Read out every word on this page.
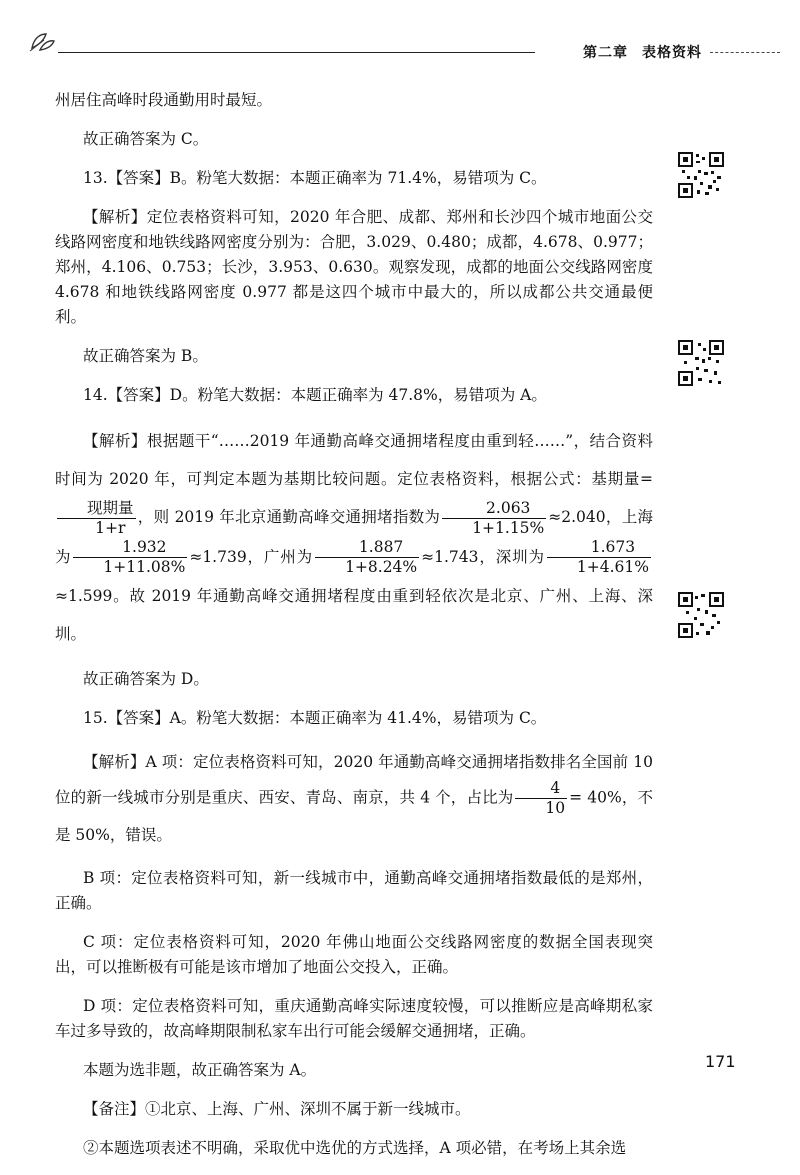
第二章 表格资料

州居住高峰时段通勤用时最短。

故正确答案为 C。

13.【答案】B。粉笔大数据：本题正确率为 71.4%，易错项为 C。

【解析】定位表格资料可知，2020 年合肥、成都、郑州和长沙四个城市地面公交线路网密度和地铁线路网密度分别为：合肥，3.029、0.480；成都，4.678、0.977；郑州，4.106、0.753；长沙，3.953、0.630。观察发现，成都的地面公交线路网密度 4.678 和地铁线路网密度 0.977 都是这四个城市中最大的，所以成都公共交通最便利。

故正确答案为 B。

14.【答案】D。粉笔大数据：本题正确率为 47.8%，易错项为 A。

【解析】根据题干“……2019 年通勤高峰交通拥堵程度由重到轻……”，结合资料时间为 2020 年，可判定本题为基期比较问题。定位表格资料，根据公式：基期量=
$\frac{\text{现期量}}{1+r}$ ，则 2019 年北京通勤高峰交通拥堵指数为 $\frac{2.063}{1+1.15\%} \approx 2.040$，上海为 $\frac{1.932}{1+11.08\%} \approx 1.739$，广州为 $\frac{1.887}{1+8.24\%} \approx 1.743$，深圳为 $\frac{1.673}{1+4.61\%}$
≈1.599。故 2019 年通勤高峰交通拥堵程度由重到轻依次是北京、广州、上海、深圳。

故正确答案为 D。

15.【答案】A。粉笔大数据：本题正确率为 41.4%，易错项为 C。

【解析】A 项：定位表格资料可知，2020 年通勤高峰交通拥堵指数排名全国前 10 位的新一线城市分别是重庆、西安、青岛、南京，共 4 个，占比为 $\frac{4}{10} = 40\%$，不是 50%，错误。

B 项：定位表格资料可知，新一线城市中，通勤高峰交通拥堵指数最低的是郑州，正确。

C 项：定位表格资料可知，2020 年佛山地面公交线路网密度的数据全国表现突出，可以推断极有可能是该市增加了地面公交投入，正确。

D 项：定位表格资料可知，重庆通勤高峰实际速度较慢，可以推断应是高峰期私家车过多导致的，故高峰期限制私家车出行可能会缓解交通拥堵，正确。

本题为选非题，故正确答案为 A。

【备注】①北京、上海、广州、深圳不属于新一线城市。

②本题选项表述不明确，采取优中选优的方式选择，A 项必错，在考场上其余选

171
